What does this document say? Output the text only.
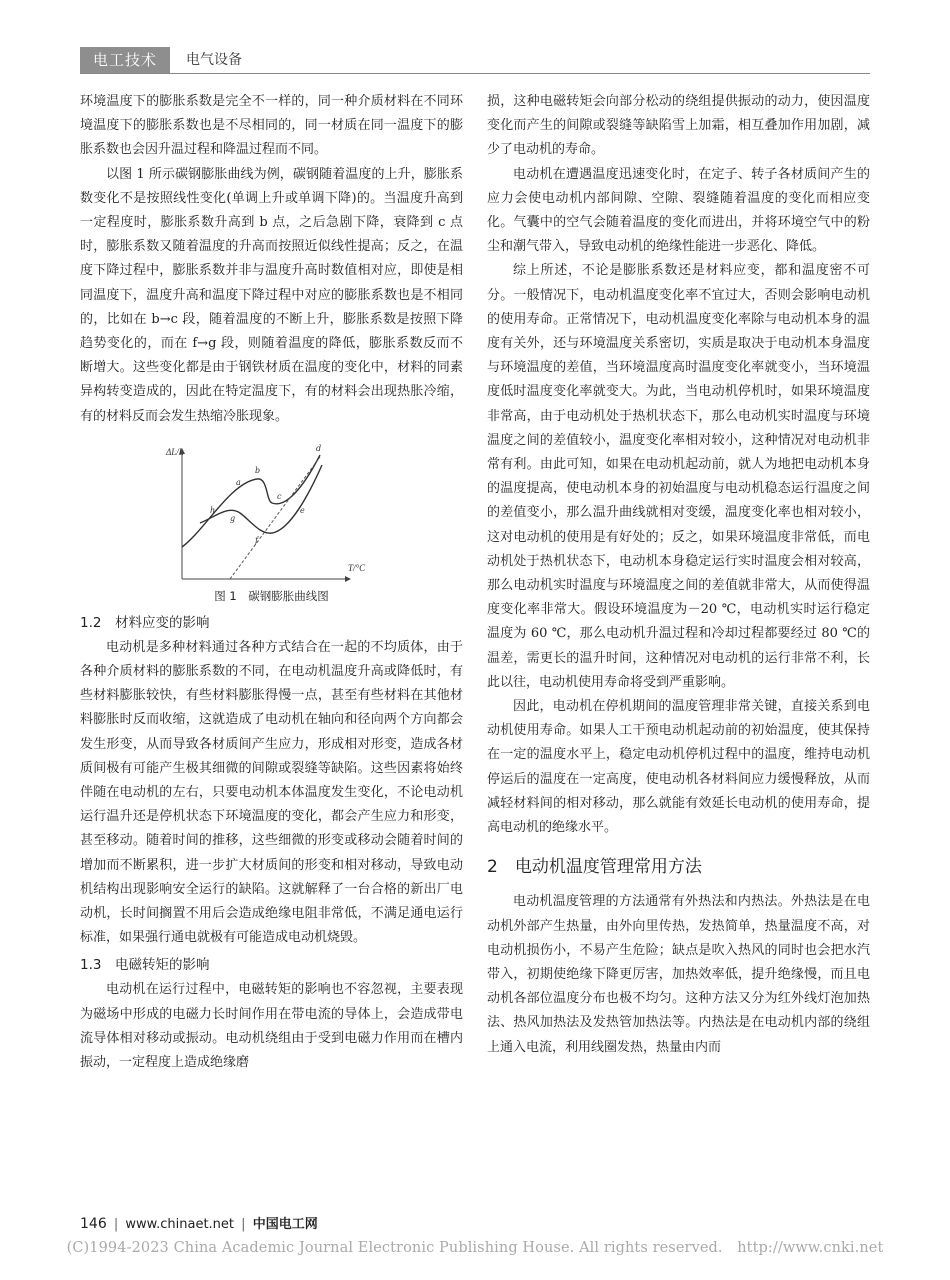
电工技术	电气设备

环境温度下的膨胀系数是完全不一样的，同一种介质材料在不同环境温度下的膨胀系数也是不尽相同的，同一材质在同一温度下的膨胀系数也会因升温过程和降温过程而不同。

以图 1 所示碳钢膨胀曲线为例，碳钢随着温度的上升，膨胀系数变化不是按照线性变化(单调上升或单调下降)的。当温度升高到一定程度时，膨胀系数升高到 b 点，之后急剧下降，衰降到 c 点时，膨胀系数又随着温度的升高而按照近似线性提高；反之，在温度下降过程中，膨胀系数并非与温度升高时数值相对应，即使是相同温度下，温度升高和温度下降过程中对应的膨胀系数也是不相同的，比如在 b→c 段，随着温度的不断上升，膨胀系数是按照下降趋势变化的，而在 f→g 段，则随着温度的降低，膨胀系数反而不断增大。这些变化都是由于钢铁材质在温度的变化中，材料的同素异构转变造成的，因此在特定温度下，有的材料会出现热胀冷缩，有的材料反而会发生热缩冷胀现象。

ΔL/L
T/°C
a
b
c
d
e
f
g
h
图 1　碳钢膨胀曲线图
1.2　材料应变的影响

电动机是多种材料通过各种方式结合在一起的不均质体，由于各种介质材料的膨胀系数的不同，在电动机温度升高或降低时，有些材料膨胀较快，有些材料膨胀得慢一点，甚至有些材料在其他材料膨胀时反而收缩，这就造成了电动机在轴向和径向两个方向都会发生形变，从而导致各材质间产生应力，形成相对形变，造成各材质间极有可能产生极其细微的间隙或裂缝等缺陷。这些因素将始终伴随在电动机的左右，只要电动机本体温度发生变化，不论电动机运行温升还是停机状态下环境温度的变化，都会产生应力和形变，甚至移动。随着时间的推移，这些细微的形变或移动会随着时间的增加而不断累积，进一步扩大材质间的形变和相对移动，导致电动机结构出现影响安全运行的缺陷。这就解释了一台合格的新出厂电动机，长时间搁置不用后会造成绝缘电阻非常低，不满足通电运行标准，如果强行通电就极有可能造成电动机烧毁。

1.3　电磁转矩的影响

电动机在运行过程中，电磁转矩的影响也不容忽视，主要表现为磁场中形成的电磁力长时间作用在带电流的导体上，会造成带电流导体相对移动或振动。电动机绕组由于受到电磁力作用而在槽内振动，一定程度上造成绝缘磨

损，这种电磁转矩会向部分松动的绕组提供振动的动力，使因温度变化而产生的间隙或裂缝等缺陷雪上加霜，相互叠加作用加剧，减少了电动机的寿命。

电动机在遭遇温度迅速变化时，在定子、转子各材质间产生的应力会使电动机内部间隙、空隙、裂缝随着温度的变化而相应变化。气囊中的空气会随着温度的变化而进出，并将环境空气中的粉尘和潮气带入，导致电动机的绝缘性能进一步恶化、降低。

综上所述，不论是膨胀系数还是材料应变，都和温度密不可分。一般情况下，电动机温度变化率不宜过大，否则会影响电动机的使用寿命。正常情况下，电动机温度变化率除与电动机本身的温度有关外，还与环境温度关系密切，实质是取决于电动机本身温度与环境温度的差值，当环境温度高时温度变化率就变小，当环境温度低时温度变化率就变大。为此，当电动机停机时，如果环境温度非常高，由于电动机处于热机状态下，那么电动机实时温度与环境温度之间的差值较小，温度变化率相对较小，这种情况对电动机非常有利。由此可知，如果在电动机起动前，就人为地把电动机本身的温度提高，使电动机本身的初始温度与电动机稳态运行温度之间的差值变小，那么温升曲线就相对变缓，温度变化率也相对较小，这对电动机的使用是有好处的；反之，如果环境温度非常低，而电动机处于热机状态下，电动机本身稳定运行实时温度会相对较高，那么电动机实时温度与环境温度之间的差值就非常大，从而使得温度变化率非常大。假设环境温度为－20 ℃，电动机实时运行稳定温度为 60 ℃，那么电动机升温过程和冷却过程都要经过 80 ℃的温差，需更长的温升时间，这种情况对电动机的运行非常不利，长此以往，电动机使用寿命将受到严重影响。

因此，电动机在停机期间的温度管理非常关键，直接关系到电动机使用寿命。如果人工干预电动机起动前的初始温度，使其保持在一定的温度水平上，稳定电动机停机过程中的温度，维持电动机停运后的温度在一定高度，使电动机各材料间应力缓慢释放，从而减轻材料间的相对移动，那么就能有效延长电动机的使用寿命，提高电动机的绝缘水平。

2　电动机温度管理常用方法

电动机温度管理的方法通常有外热法和内热法。外热法是在电动机外部产生热量，由外向里传热，发热简单，热量温度不高，对电动机损伤小，不易产生危险；缺点是吹入热风的同时也会把水汽带入，初期使绝缘下降更厉害，加热效率低，提升绝缘慢，而且电动机各部位温度分布也极不均匀。这种方法又分为红外线灯泡加热法、热风加热法及发热管加热法等。内热法是在电动机内部的绕组上通入电流，利用线圈发热，热量由内而

146 | www.chinaet.net | 中国电工网
(C)1994-2023 China Academic Journal Electronic Publishing House. All rights reserved.　http://www.cnki.net
